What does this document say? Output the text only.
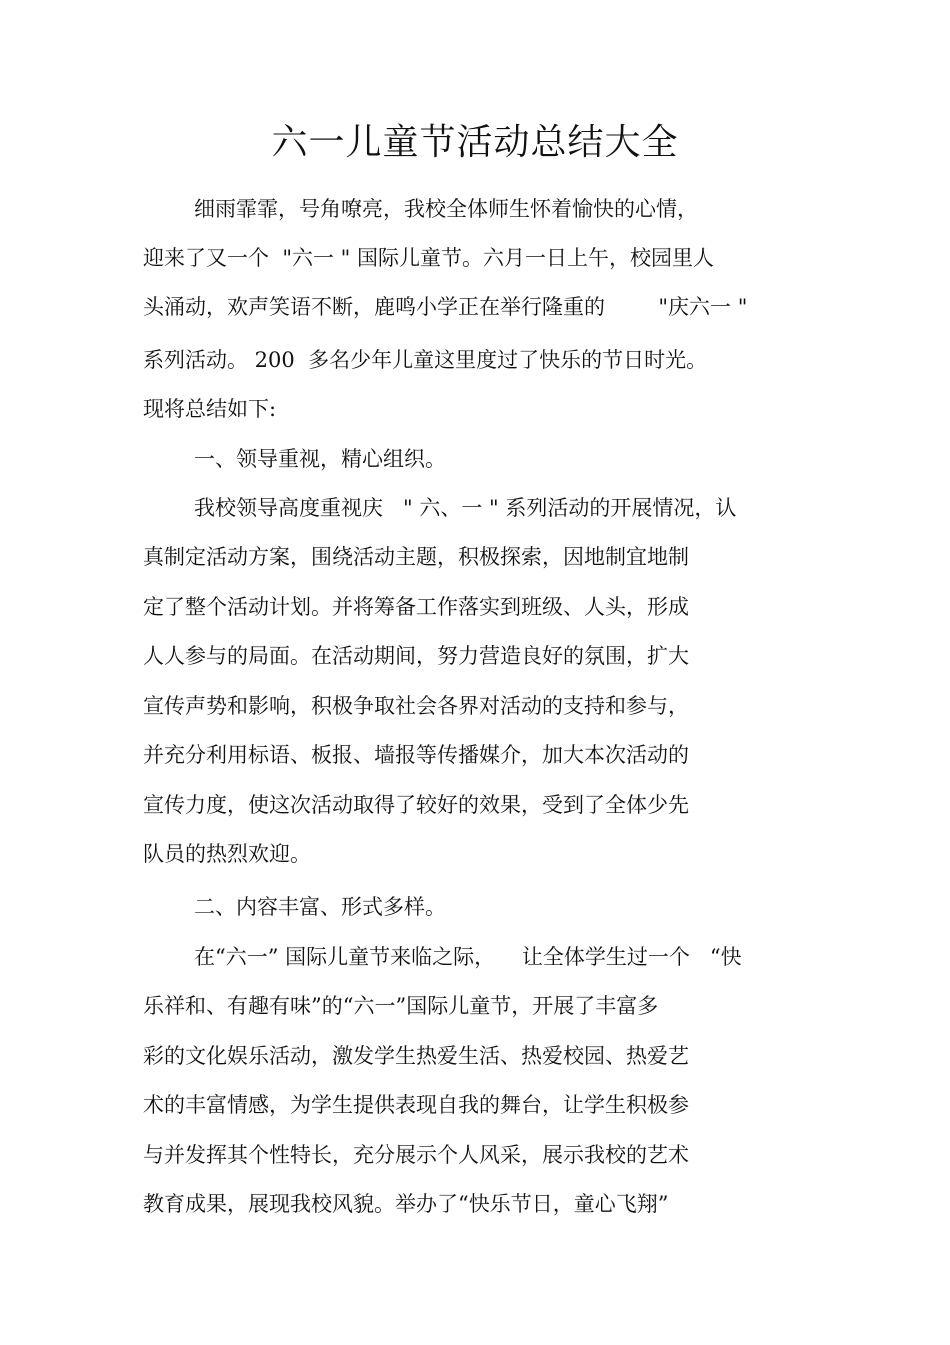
六一儿童节活动总结大全
细雨霏霏，号角嘹亮，我校全体师生怀着愉快的心情，
迎来了又一个  "六一 " 国际儿童节。六月一日上午，校园里人
头涌动，欢声笑语不断，鹿鸣小学正在举行隆重的        "庆六一 "
系列活动。 200  多名少年儿童这里度过了快乐的节日时光。
现将总结如下:
一、领导重视，精心组织。
我校领导高度重视庆   " 六、一 " 系列活动的开展情况，认
真制定活动方案，围绕活动主题，积极探索，因地制宜地制
定了整个活动计划。并将筹备工作落实到班级、人头，形成
人人参与的局面。在活动期间，努力营造良好的氛围，扩大
宣传声势和影响，积极争取社会各界对活动的支持和参与，
并充分利用标语、板报、墙报等传播媒介，加大本次活动的
宣传力度，使这次活动取得了较好的效果，受到了全体少先
队员的热烈欢迎。
二、内容丰富、形式多样。
在“六一” 国际儿童节来临之际，    让全体学生过一个   “快
乐祥和、有趣有味”的“六一”国际儿童节，开展了丰富多
彩的文化娱乐活动，激发学生热爱生活、热爱校园、热爱艺
术的丰富情感，为学生提供表现自我的舞台，让学生积极参
与并发挥其个性特长，充分展示个人风采，展示我校的艺术
教育成果，展现我校风貌。举办了“快乐节日，童心飞翔”
